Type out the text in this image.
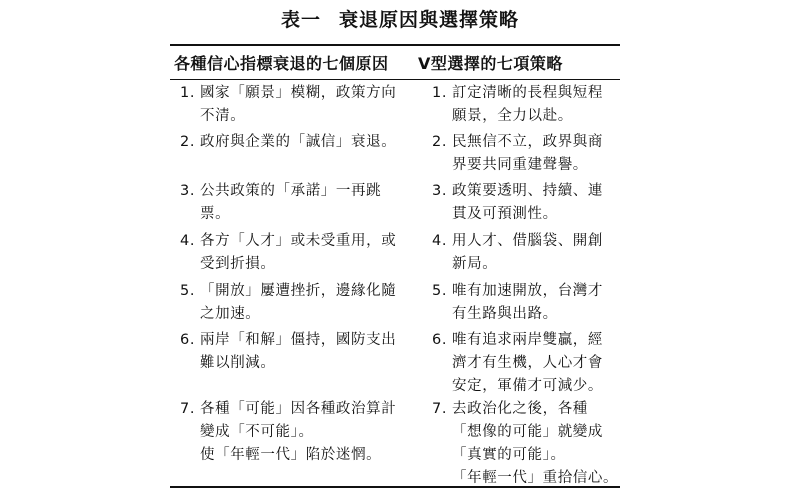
表一 衰退原因與選擇策略
各種信心指標衰退的七個原因 V型選擇的七項策略
1. 國家「願景」模糊，政策方向
不清。
1. 訂定清晰的長程與短程
願景，全力以赴。
2. 政府與企業的「誠信」衰退。	2. 民無信不立，政界與商
界要共同重建聲譽。
3. 公共政策的「承諾」一再跳
票。
3. 政策要透明、持續、連
貫及可預測性。
4. 各方「人才」或未受重用，或
受到折損。
4. 用人才、借腦袋、開創
新局。
5. 「開放」屢遭挫折，邊緣化隨
之加速。
5. 唯有加速開放，台灣才
有生路與出路。
6. 兩岸「和解」僵持，國防支出
難以削減。
6. 唯有追求兩岸雙贏，經
濟才有生機，人心才會
安定，軍備才可減少。
7. 各種「可能」因各種政治算計
變成「不可能」。
使「年輕一代」陷於迷惘。
7. 去政治化之後，各種
「想像的可能」就變成
「真實的可能」。
「年輕一代」重拾信心。
